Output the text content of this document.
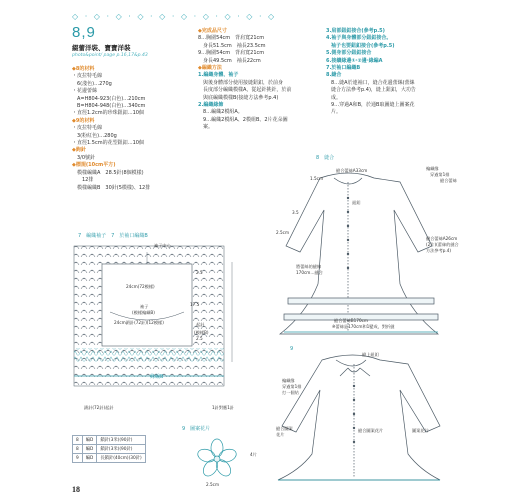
◇ · ◇ · ◇ · ◇ · ◇ · ◇ · ◇ · ◇ · ◇ · ◇
8,9
綴蕾洋裝、寶寶洋裝
photo&point/ page p.16,17&p.43
◆8的材料
・皮拉特毛線
　6(淺色)…270g
・花邊蕾絲
　A=H804-923(白色)…210cm
　B=H804-948(白色)…340cm
・直徑1.2cm的珍珠鈕釦…10個
◆9的材料
・皮拉特毛線
　3(粉紅色)…280g
・直徑1.5cm的花型鈕釦…10個
◆鉤針
　3/0號針
◆標規(10cm平方)
　模樣編織A　28.5針(8個模樣)
　　12排
　模樣編織B　30針(5模樣)、12排
◆完成品尺寸
8…胸圍54cm　背肩寬21cm
　身長51.5cm　袖長23.5cm
9…胸圍54cm　背肩寬21cm
　身長49.5cm　袖長22cm
◆編織方法
1.編織身體、袖子
　與後身體部分使用接縫鈕釦，於前身
　長度部分編織模樣A，從起針挑針，於前
　與底編織模樣B(接縫方法參考p.4)
2.編織緣飾
　8…編織2模組A。
　9…編織2模組A、2模組B、2片花朵圖
　案。
3.肩部鈕釦接合(參考p.5)
4.袖子與身體部分鈕釦接合。
　袖子也要鈕釦接合(參考p.5)
5.側身部分鈕釦接合
6.接續緣邊①·②邊·緣編A
7.於袖口編織B
8.縫合
　8…縫A於連袖口，縫合花邊蕾絲(蕾絲
　縫合方法參考p.4)，縫上鈕釦，大功告
　成。
　9…穿過A和B，於通B取圖縫上圖案花
　片。
7　編織袖子　7　於袖口編織B
袖子中心
24cm(72模樣)
袖子
(模樣編織B)
24cm鎖針(72針)(12模樣)	起針
(模樣B)
2.5
17.5
2.5
緣編B
鎖針(72針)起針	1針對應1針
8	編D	鎖針(3米)(90針)
8	編D	鎖針(3米)(90針)
9	編D	長鎖針(40cm)(30針)
9　圖案花片
4片
2.5cm
8　縫合
1.5cm
縫合蕾絲A33cm
鈕釦
縫合蕾絲
3.5
2.5cm
將蕾絲的縫線
170cm…縫合
縫合蕾絲A26cm
(2片)(蕾絲的縫合
方法參考p.4)
縫合蕾絲B170cm
※蕾絲是170cm和1變成，對折縫
編織緣
穿過第1排
9
縫上鈕釦
編織緣
穿過第1排
打一個結
縫合圖案
花片
縫合圖案花片	圖案花片
18
